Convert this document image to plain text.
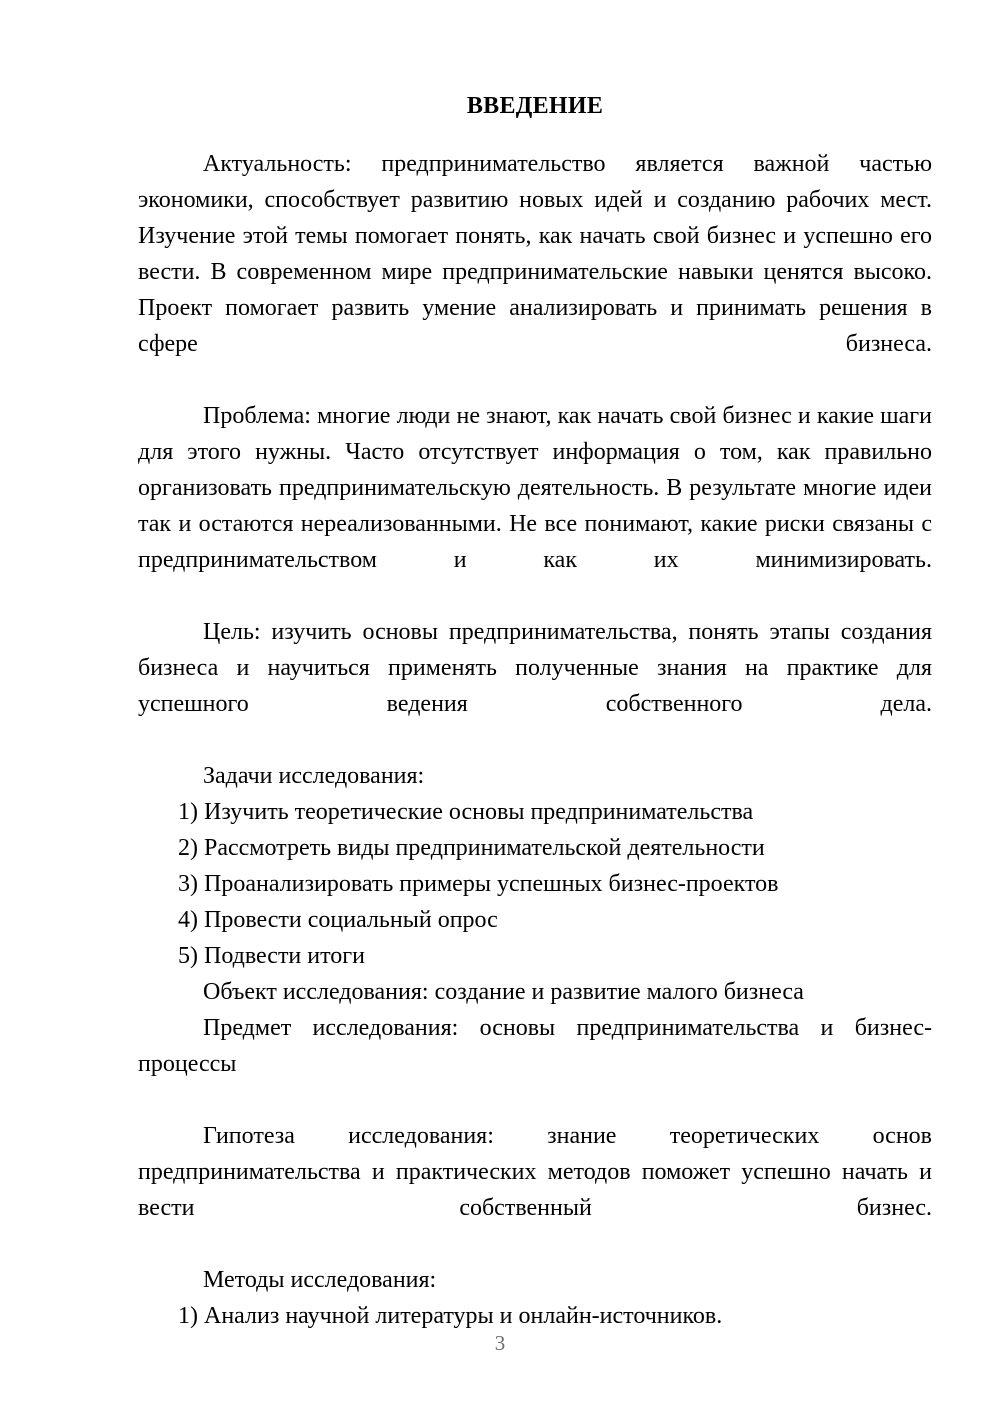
ВВЕДЕНИЕ

Актуальность: предпринимательство является важной частью экономики, способствует развитию новых идей и созданию рабочих мест. Изучение этой темы помогает понять, как начать свой бизнес и успешно его вести. В современном мире предпринимательские навыки ценятся высоко. Проект помогает развить умение анализировать и принимать решения в сфере бизнеса.

Проблема: многие люди не знают, как начать свой бизнес и какие шаги для этого нужны. Часто отсутствует информация о том, как правильно организовать предпринимательскую деятельность. В результате многие идеи так и остаются нереализованными. Не все понимают, какие риски связаны с предпринимательством и как их минимизировать.

Цель: изучить основы предпринимательства, понять этапы создания бизнеса и научиться применять полученные знания на практике для успешного ведения собственного дела.

Задачи исследования:

1) Изучить теоретические основы предпринимательства
2) Рассмотреть виды предпринимательской деятельности
3) Проанализировать примеры успешных бизнес-проектов
4) Провести социальный опрос
5) Подвести итоги

Объект исследования: создание и развитие малого бизнеса

Предмет исследования: основы предпринимательства и бизнес-процессы

Гипотеза исследования: знание теоретических основ предпринимательства и практических методов поможет успешно начать и вести собственный бизнес.

Методы исследования:

1) Анализ научной литературы и онлайн-источников.
3
